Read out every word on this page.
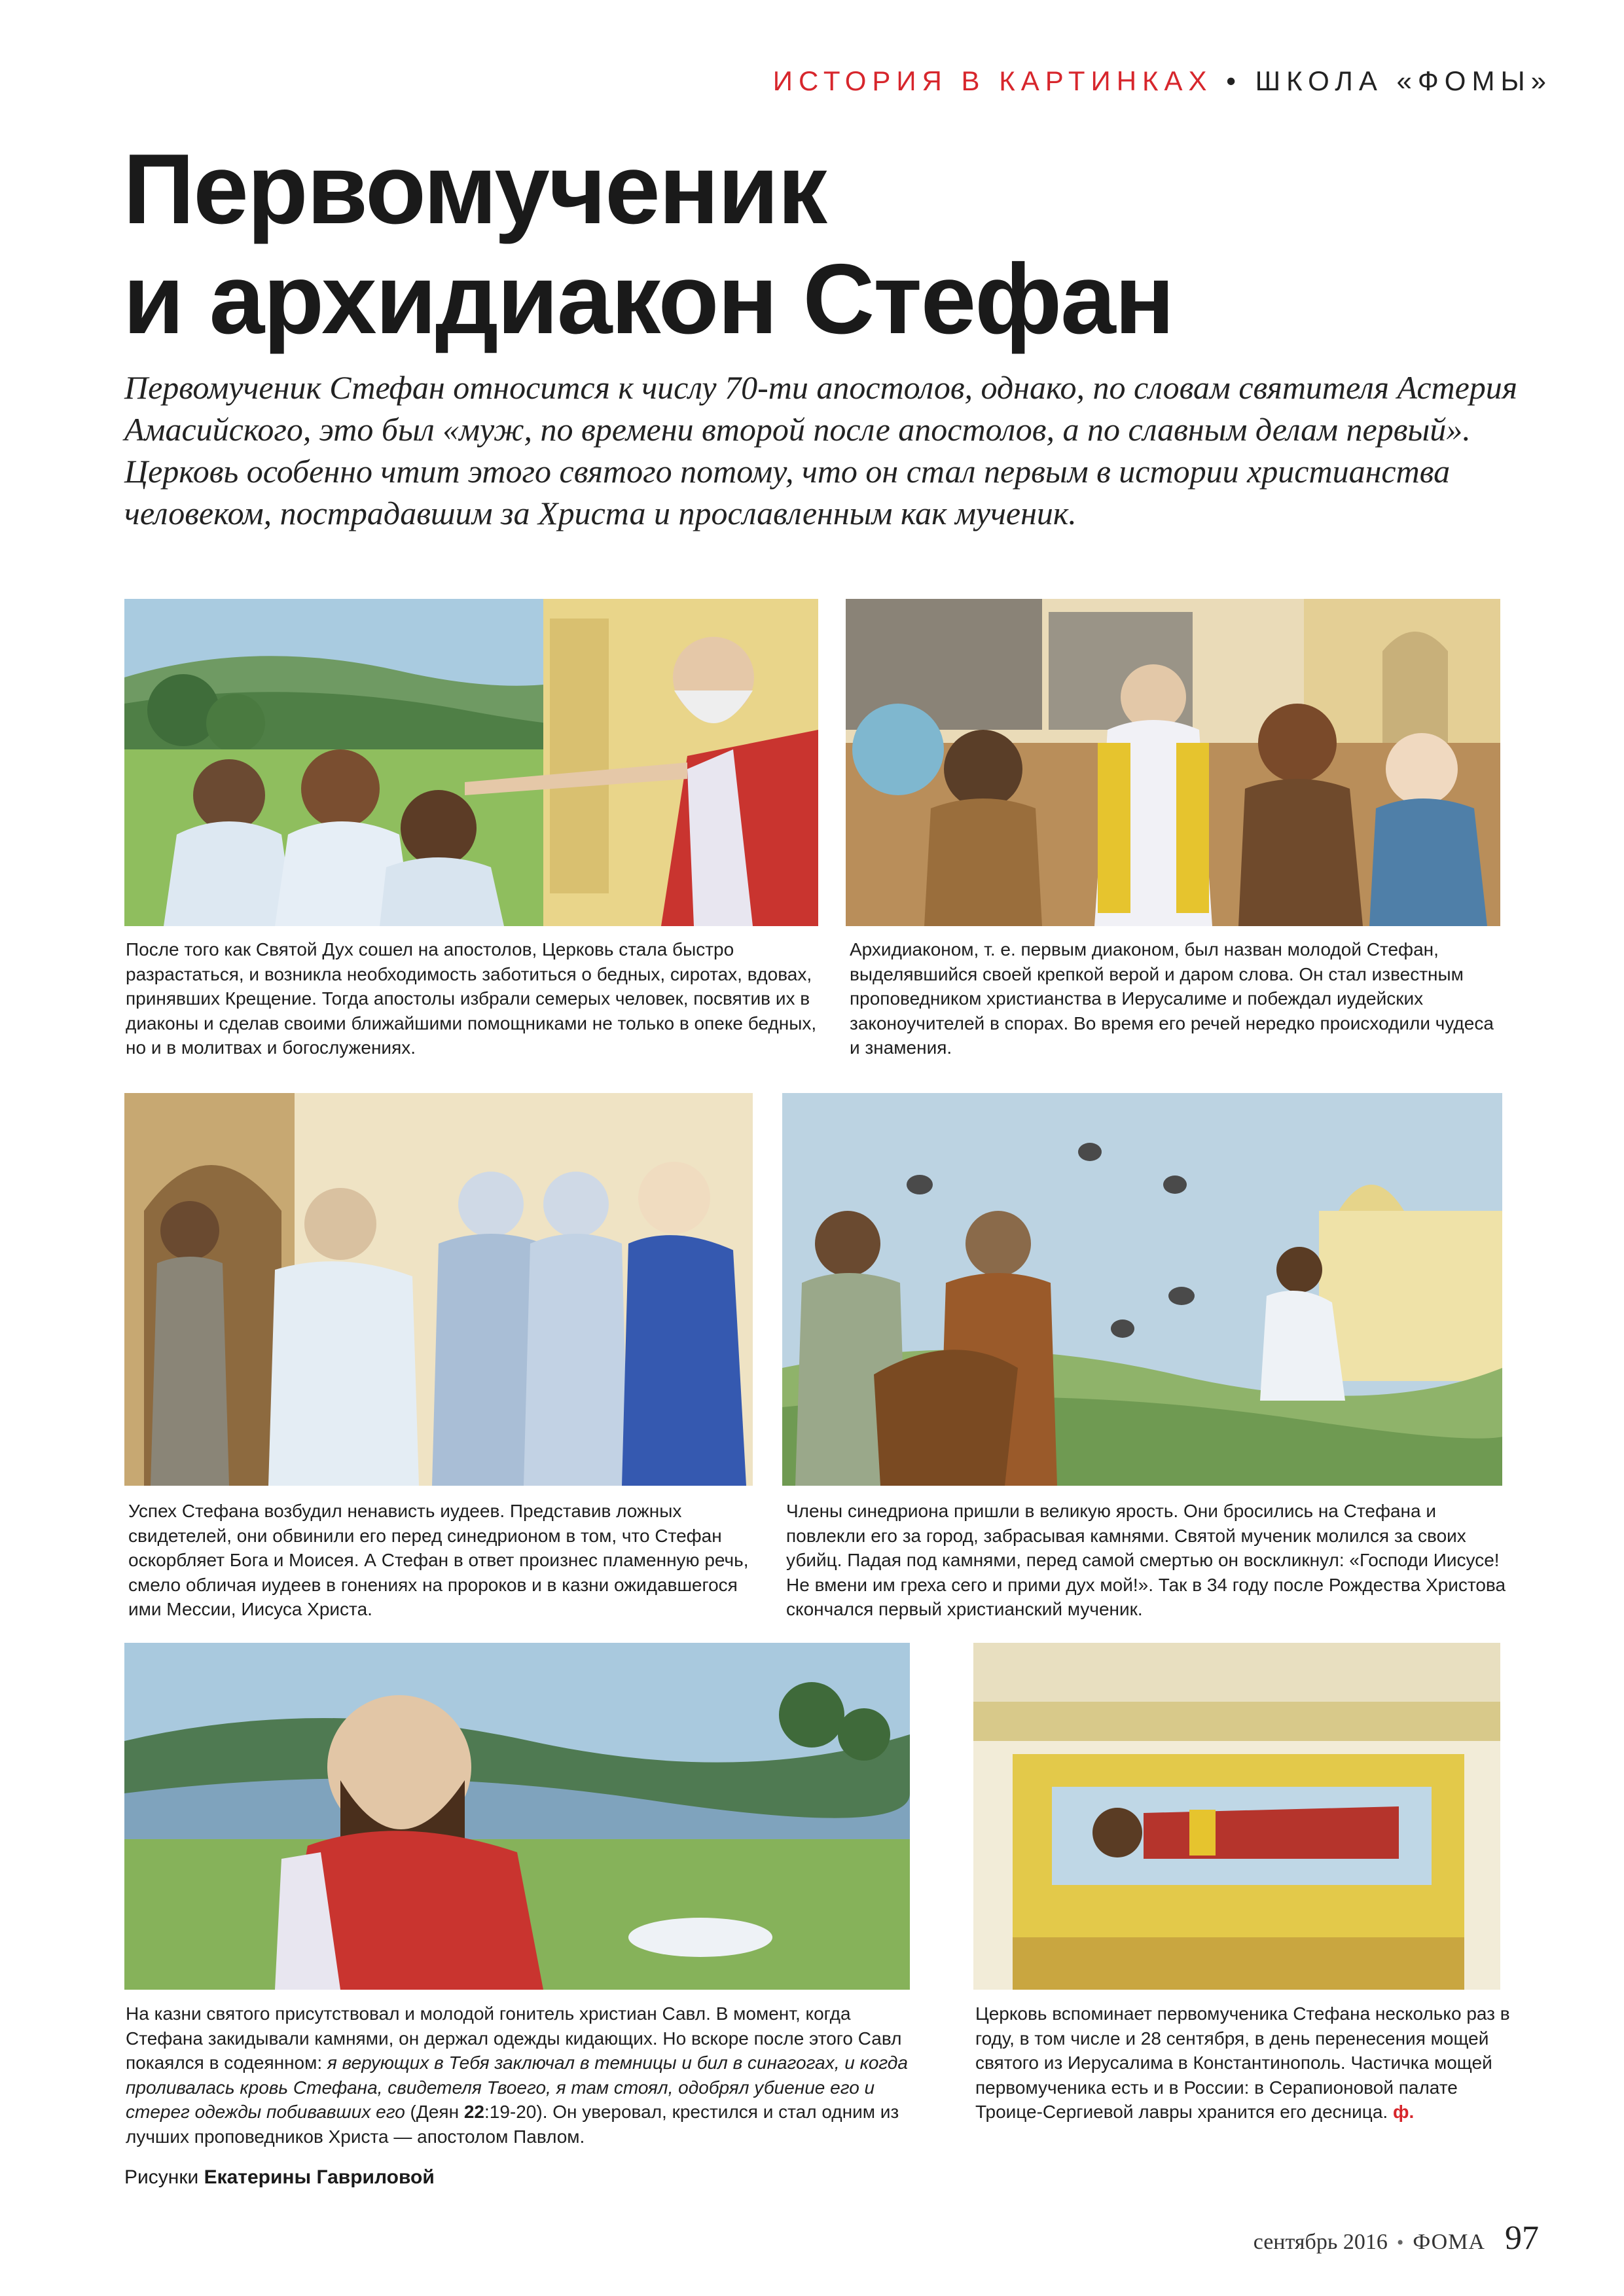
ИСТОРИЯ В КАРТИНКАХ • ШКОЛА «ФОМЫ»
Первомученик
и архидиакон Стефан

Первомученик Стефан относится к числу 70-ти апостолов, однако, по словам святителя Астерия Амасийского, это был «муж, по времени второй после апостолов, а по славным делам первый». Церковь особенно чтит этого святого потому, что он стал первым в истории христианства человеком, пострадавшим за Христа и прославленным как мученик.

После того как Святой Дух сошел на апостолов, Церковь стала быстро разрастаться, и возникла необходимость заботиться о бедных, сиротах, вдовах, принявших Крещение. Тогда апостолы избрали семерых человек, посвятив их в диаконы и сделав своими ближайшими помощниками не только в опеке бедных, но и в молитвах и богослужениях.

Архидиаконом, т. е. первым диаконом, был назван молодой Стефан, выделявшийся своей крепкой верой и даром слова. Он стал известным проповедником христианства в Иерусалиме и побеждал иудейских законоучителей в спорах. Во время его речей нередко происходили чудеса и знамения.

Успех Стефана возбудил ненависть иудеев. Представив ложных свидетелей, они обвинили его перед синедрионом в том, что Стефан оскорбляет Бога и Моисея. А Стефан в ответ произнес пламенную речь, смело обличая иудеев в гонениях на пророков и в казни ожидавшегося ими Мессии, Иисуса Христа.

Члены синедриона пришли в великую ярость. Они бросились на Стефана и повлекли его за город, забрасывая камнями. Святой мученик молился за своих убийц. Падая под камнями, перед самой смертью он воскликнул: «Господи Иисусе! Не вмени им греха сего и прими дух мой!». Так в 34 году после Рождества Христова скончался первый христианский мученик.

На казни святого присутствовал и молодой гонитель христиан Савл. В момент, когда Стефана закидывали камнями, он держал одежды кидающих. Но вскоре после этого Савл покаялся в содеянном: я верующих в Тебя заключал в темницы и бил в синагогах, и когда проливалась кровь Стефана, свидетеля Твоего, я там стоял, одобрял убиение его и стерег одежды побивавших его (Деян 22:19-20). Он уверовал, крестился и стал одним из лучших проповедников Христа — апостолом Павлом.

Церковь вспоминает первомученика Стефана несколько раз в году, в том числе и 28 сентября, в день перенесения мощей святого из Иерусалима в Константинополь. Частичка мощей первомученика есть и в России: в Серапионовой палате Троице-Сергиевой лавры хранится его десница. ф.

Рисунки Екатерины Гавриловой
сентябрь 2016 • ФОМА 97
